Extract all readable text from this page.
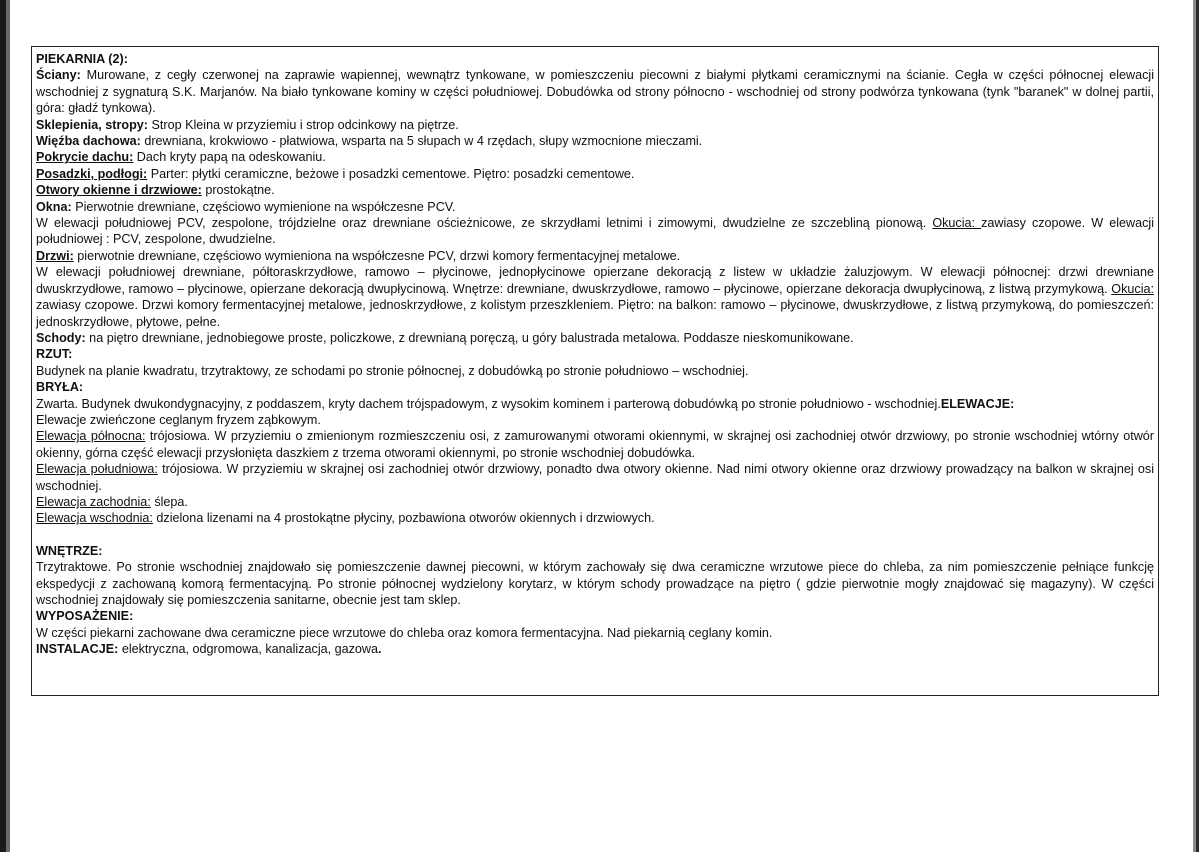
PIEKARNIA (2):

Ściany: Murowane, z cegły czerwonej na zaprawie wapiennej, wewnątrz tynkowane, w pomieszczeniu piecowni z białymi płytkami ceramicznymi na ścianie. Cegła w części północnej elewacji wschodniej z sygnaturą S.K. Marjanów. Na biało tynkowane kominy w części południowej. Dobudówka od strony północno - wschodniej od strony podwórza tynkowana (tynk "baranek" w dolnej partii, góra: gładź tynkowa).

Sklepienia, stropy: Strop Kleina w przyziemiu i strop odcinkowy na piętrze.

Więźba dachowa: drewniana, krokwiowo - płatwiowa, wsparta na 5 słupach w 4 rzędach, słupy wzmocnione mieczami.

Pokrycie dachu: Dach kryty papą na odeskowaniu.

Posadzki, podłogi: Parter: płytki ceramiczne, beżowe i posadzki cementowe. Piętro: posadzki cementowe.

Otwory okienne i drzwiowe: prostokątne.

Okna: Pierwotnie drewniane, częściowo wymienione na współczesne PCV.

W elewacji południowej PCV, zespolone, trójdzielne oraz drewniane ościeżnicowe, ze skrzydłami letnimi i zimowymi, dwudzielne ze szczebliną pionową. Okucia: zawiasy czopowe. W elewacji południowej : PCV, zespolone, dwudzielne.

Drzwi: pierwotnie drewniane, częściowo wymieniona na współczesne PCV, drzwi komory fermentacyjnej metalowe.

W elewacji południowej drewniane, półtoraskrzydłowe, ramowo – płycinowe, jednopłycinowe opierzane dekoracją z listew w układzie żaluzjowym. W elewacji północnej: drzwi drewniane dwuskrzydłowe, ramowo – płycinowe, opierzane dekoracją dwupłycinową. Wnętrze: drewniane, dwuskrzydłowe, ramowo – płycinowe, opierzane dekoracja dwupłycinową, z listwą przymykową. Okucia: zawiasy czopowe. Drzwi komory fermentacyjnej metalowe, jednoskrzydłowe, z kolistym przeszkleniem. Piętro: na balkon: ramowo – płycinowe, dwuskrzydłowe, z listwą przymykową, do pomieszczeń: jednoskrzydłowe, płytowe, pełne.

Schody: na piętro drewniane, jednobiegowe proste, policzkowe, z drewnianą poręczą, u góry balustrada metalowa. Poddasze nieskomunikowane.

RZUT:

Budynek na planie kwadratu, trzytraktowy, ze schodami po stronie północnej, z dobudówką po stronie południowo – wschodniej.

BRYŁA:

Zwarta. Budynek dwukondygnacyjny, z poddaszem, kryty dachem trójspadowym, z wysokim kominem i parterową dobudówką po stronie południowo - wschodniej.ELEWACJE:

Elewacje zwieńczone ceglanym fryzem ząbkowym.

Elewacja północna: trójosiowa. W przyziemiu o zmienionym rozmieszczeniu osi, z zamurowanymi otworami okiennymi, w skrajnej osi zachodniej otwór drzwiowy, po stronie wschodniej wtórny otwór okienny, górna część elewacji przysłonięta daszkiem z trzema otworami okiennymi, po stronie wschodniej dobudówka.

Elewacja południowa: trójosiowa. W przyziemiu w skrajnej osi zachodniej otwór drzwiowy, ponadto dwa otwory okienne. Nad nimi otwory okienne oraz drzwiowy prowadzący na balkon w skrajnej osi wschodniej.

Elewacja zachodnia: ślepa.

Elewacja wschodnia: dzielona lizenami na 4 prostokątne płyciny, pozbawiona otworów okiennych i drzwiowych.

WNĘTRZE:

Trzytraktowe. Po stronie wschodniej znajdowało się pomieszczenie dawnej piecowni, w którym zachowały się dwa ceramiczne wrzutowe piece do chleba, za nim pomieszczenie pełniące funkcję ekspedycji z zachowaną komorą fermentacyjną. Po stronie północnej wydzielony korytarz, w którym schody prowadzące na piętro ( gdzie pierwotnie mogły znajdować się magazyny). W części wschodniej znajdowały się pomieszczenia sanitarne, obecnie jest tam sklep.

WYPOSAŻENIE:

W części piekarni zachowane dwa ceramiczne piece wrzutowe do chleba oraz komora fermentacyjna. Nad piekarnią ceglany komin.

INSTALACJE: elektryczna, odgromowa, kanalizacja, gazowa.
